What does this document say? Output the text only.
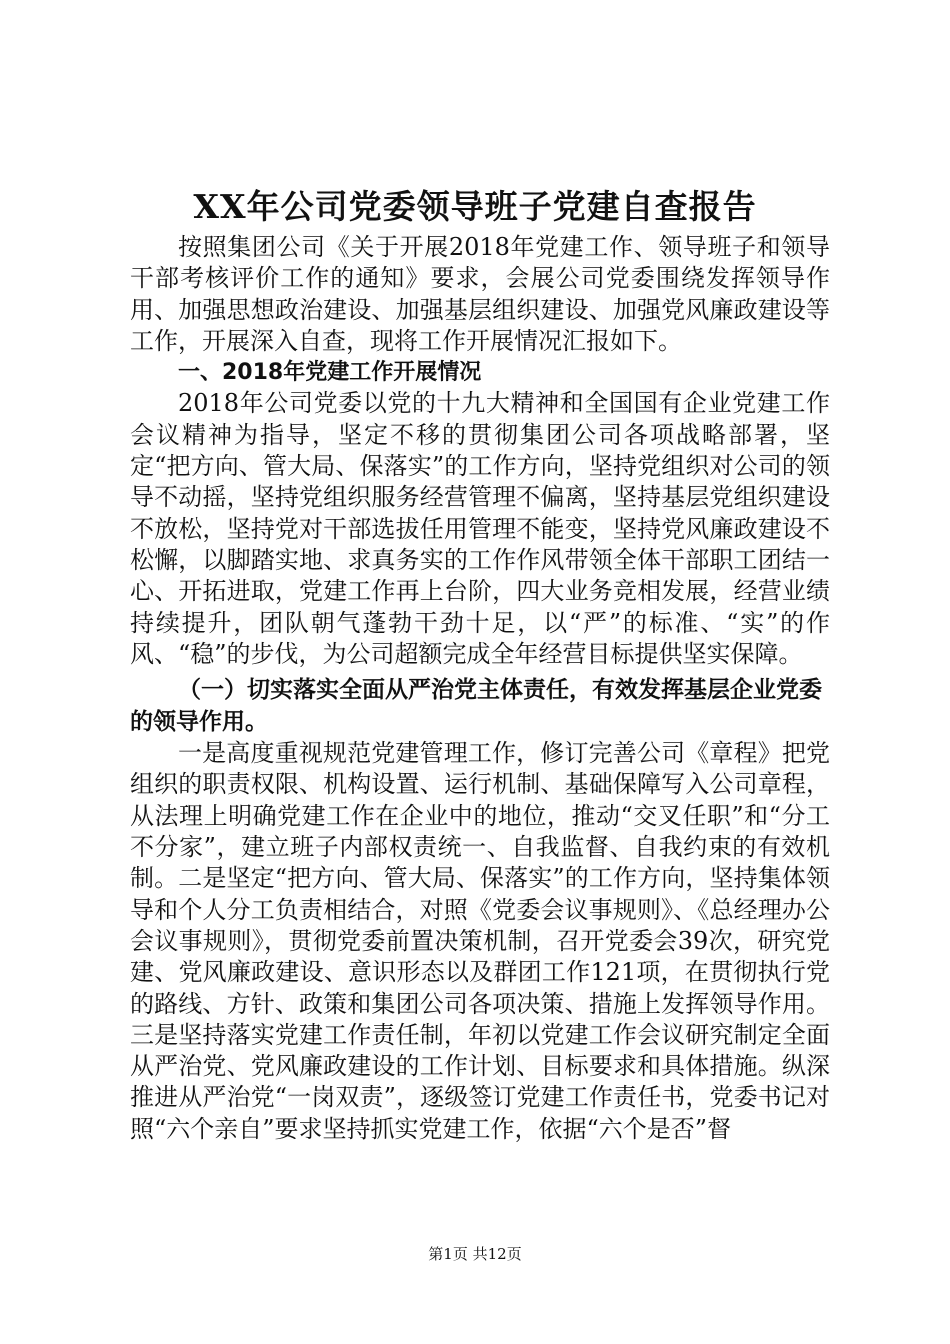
XX年公司党委领导班子党建自查报告

按照集团公司《关于开展2018年党建工作、领导班子和领导干部考核评价工作的通知》要求，会展公司党委围绕发挥领导作用、加强思想政治建设、加强基层组织建设、加强党风廉政建设等工作，开展深入自查，现将工作开展情况汇报如下。

一、2018年党建工作开展情况

2018年公司党委以党的十九大精神和全国国有企业党建工作会议精神为指导，坚定不移的贯彻集团公司各项战略部署，坚定“把方向、管大局、保落实”的工作方向，坚持党组织对公司的领导不动摇，坚持党组织服务经营管理不偏离，坚持基层党组织建设不放松，坚持党对干部选拔任用管理不能变，坚持党风廉政建设不松懈，以脚踏实地、求真务实的工作作风带领全体干部职工团结一心、开拓进取，党建工作再上台阶，四大业务竞相发展，经营业绩持续提升，团队朝气蓬勃干劲十足，以“严”的标准、“实”的作风、“稳”的步伐，为公司超额完成全年经营目标提供坚实保障。

（一）切实落实全面从严治党主体责任，有效发挥基层企业党委的领导作用。

一是高度重视规范党建管理工作，修订完善公司《章程》把党组织的职责权限、机构设置、运行机制、基础保障写入公司章程，从法理上明确党建工作在企业中的地位，推动“交叉任职”和“分工不分家”，建立班子内部权责统一、自我监督、自我约束的有效机制。二是坚定“把方向、管大局、保落实”的工作方向，坚持集体领导和个人分工负责相结合，对照《党委会议事规则》、《总经理办公会议事规则》，贯彻党委前置决策机制，召开党委会39次，研究党建、党风廉政建设、意识形态以及群团工作121项，在贯彻执行党的路线、方针、政策和集团公司各项决策、措施上发挥领导作用。三是坚持落实党建工作责任制，年初以党建工作会议研究制定全面从严治党、党风廉政建设的工作计划、目标要求和具体措施。纵深推进从严治党“一岗双责”，逐级签订党建工作责任书，党委书记对照“六个亲自”要求坚持抓实党建工作，依据“六个是否”督

第1页 共12页
